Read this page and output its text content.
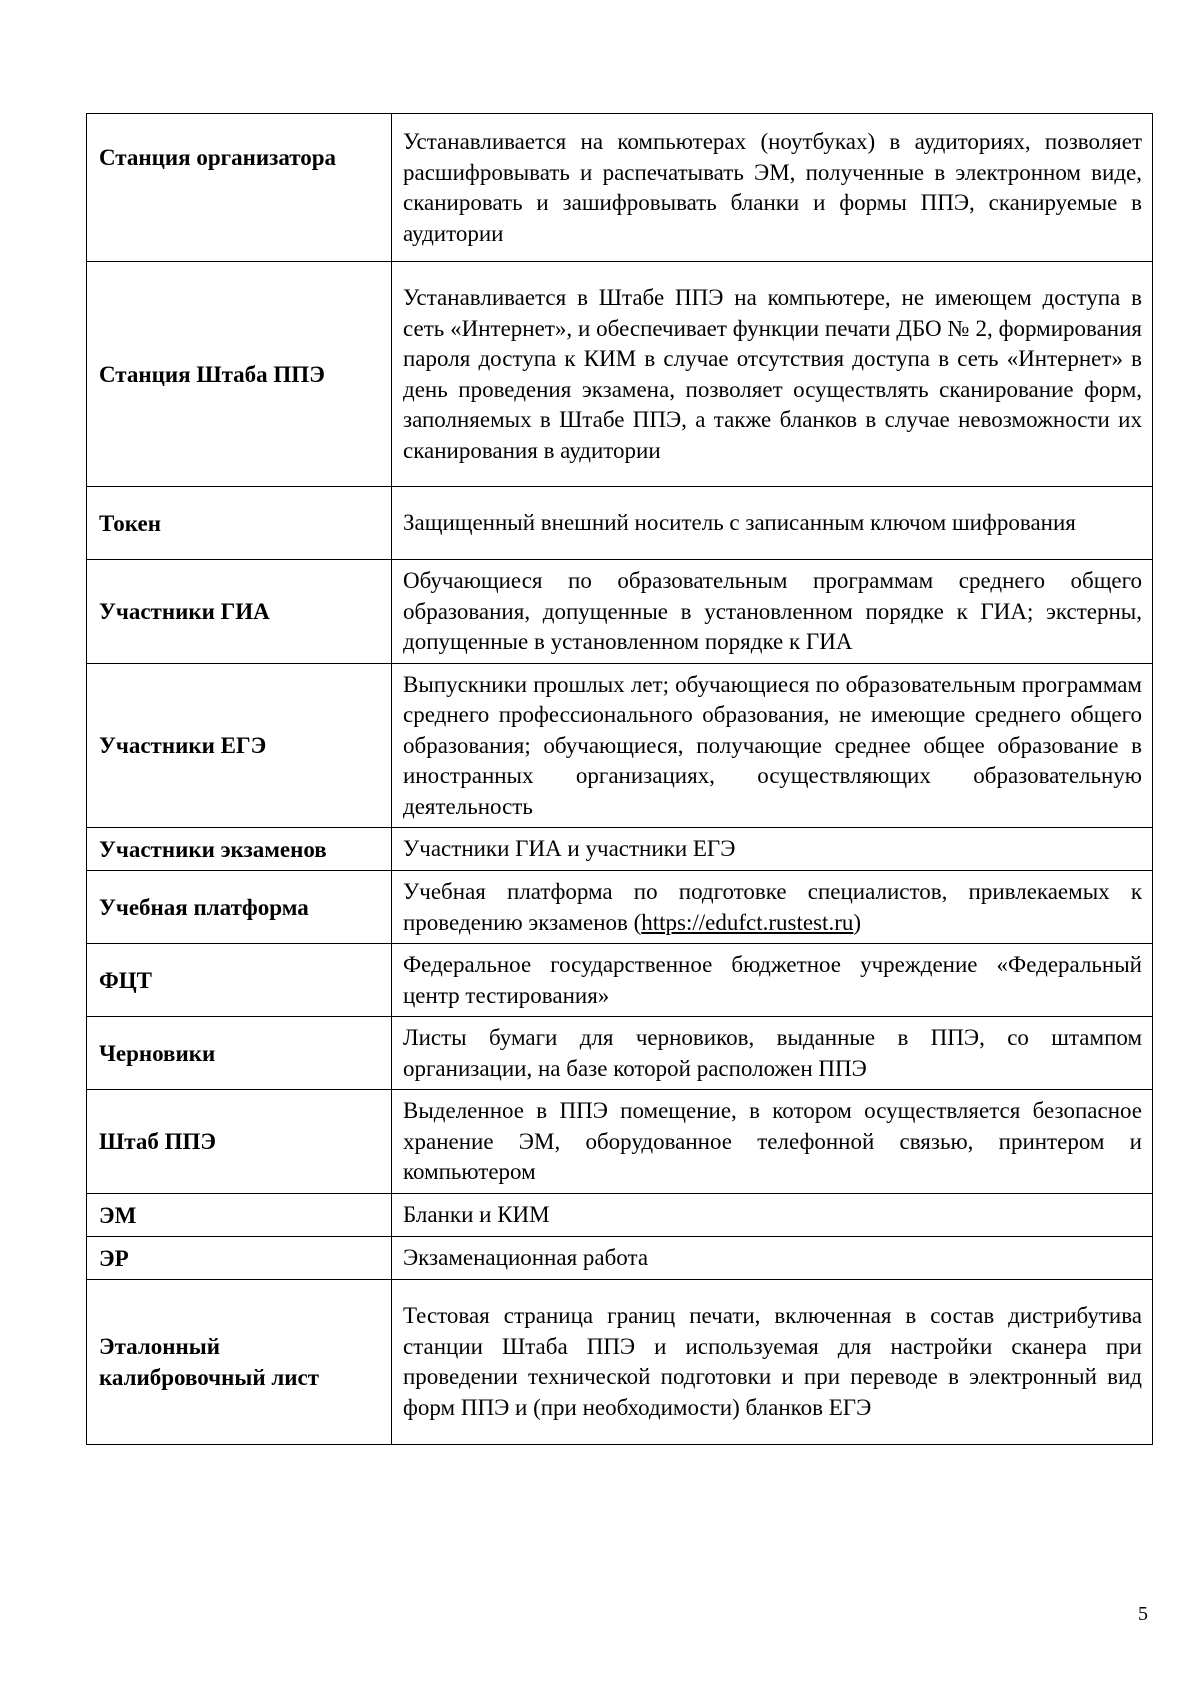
Станция организатора	Устанавливается на компьютерах (ноутбуках) в аудиториях, позволяет расшифровывать и распечатывать ЭМ, полученные в электронном виде, сканировать и зашифровывать бланки и формы ППЭ, сканируемые в аудитории
Станция Штаба ППЭ	Устанавливается в Штабе ППЭ на компьютере, не имеющем доступа в сеть «Интернет», и обеспечивает функции печати ДБО № 2, формирования пароля доступа к КИМ в случае отсутствия доступа в сеть «Интернет» в день проведения экзамена, позволяет осуществлять сканирование форм, заполняемых в Штабе ППЭ, а также бланков в случае невозможности их сканирования в аудитории
Токен	Защищенный внешний носитель с записанным ключом шифрования
Участники ГИА	Обучающиеся по образовательным программам среднего общего образования, допущенные в установленном порядке к ГИА; экстерны, допущенные в установленном порядке к ГИА
Участники ЕГЭ	Выпускники прошлых лет; обучающиеся по образовательным программам среднего профессионального образования, не имеющие среднего общего образования; обучающиеся, получающие среднее общее образование в иностранных организациях, осуществляющих образовательную деятельность
Участники экзаменов	Участники ГИА и участники ЕГЭ
Учебная платформа	Учебная платформа по подготовке специалистов, привлекаемых к проведению экзаменов (https://edufct.rustest.ru)
ФЦТ	Федеральное государственное бюджетное учреждение «Федеральный центр тестирования»
Черновики	Листы бумаги для черновиков, выданные в ППЭ, со штампом организации, на базе которой расположен ППЭ
Штаб ППЭ	Выделенное в ППЭ помещение, в котором осуществляется безопасное хранение ЭМ, оборудованное телефонной связью, принтером и компьютером
ЭМ	Бланки и КИМ
ЭР	Экзаменационная работа
Эталонный калибровочный лист	Тестовая страница границ печати, включенная в состав дистрибутива станции Штаба ППЭ и используемая для настройки сканера при проведении технической подготовки и при переводе в электронный вид форм ППЭ и (при необходимости) бланков ЕГЭ
5
